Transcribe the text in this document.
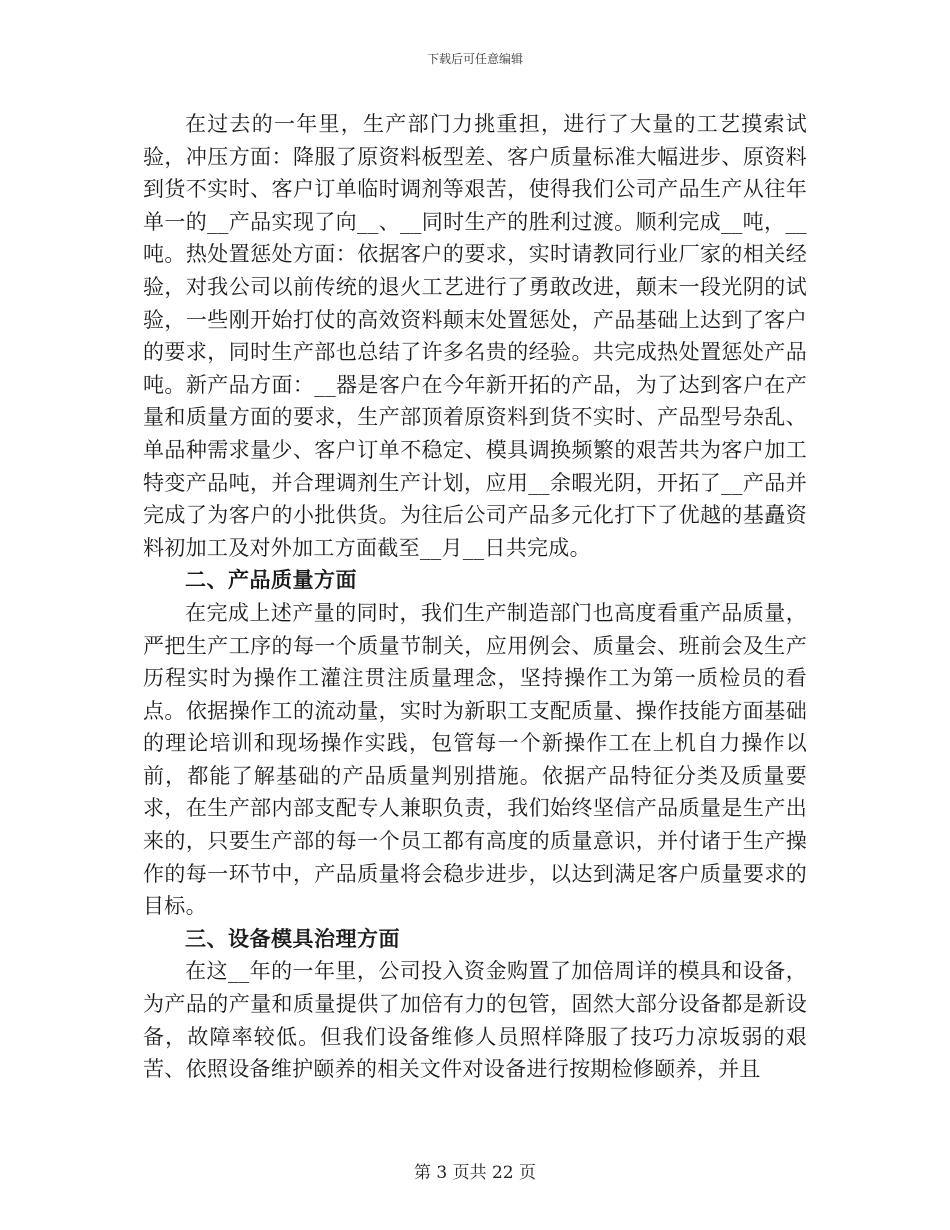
下载后可任意编辑

在过去的一年里，生产部门力挑重担，进行了大量的工艺摸索试验，冲压方面：降服了原资料板型差、客户质量标准大幅进步、原资料到货不实时、客户订单临时调剂等艰苦，使得我们公司产品生产从往年单一的__产品实现了向__、__同时生产的胜利过渡。顺利完成__吨，__吨。热处置惩处方面：依据客户的要求，实时请教同行业厂家的相关经验，对我公司以前传统的退火工艺进行了勇敢改进，颠末一段光阴的试验，一些刚开始打仗的高效资料颠末处置惩处，产品基础上达到了客户的要求，同时生产部也总结了许多名贵的经验。共完成热处置惩处产品吨。新产品方面：__器是客户在今年新开拓的产品，为了达到客户在产量和质量方面的要求，生产部顶着原资料到货不实时、产品型号杂乱、单品种需求量少、客户订单不稳定、模具调换频繁的艰苦共为客户加工特变产品吨，并合理调剂生产计划，应用__余暇光阴，开拓了__产品并完成了为客户的小批供货。为往后公司产品多元化打下了优越的基矗资料初加工及对外加工方面截至__月__日共完成。

二、产品质量方面

在完成上述产量的同时，我们生产制造部门也高度看重产品质量，严把生产工序的每一个质量节制关，应用例会、质量会、班前会及生产历程实时为操作工灌注贯注质量理念，坚持操作工为第一质检员的看点。依据操作工的流动量，实时为新职工支配质量、操作技能方面基础的理论培训和现场操作实践，包管每一个新操作工在上机自力操作以前，都能了解基础的产品质量判别措施。依据产品特征分类及质量要求，在生产部内部支配专人兼职负责，我们始终坚信产品质量是生产出来的，只要生产部的每一个员工都有高度的质量意识，并付诸于生产操作的每一环节中，产品质量将会稳步进步，以达到满足客户质量要求的目标。

三、设备模具治理方面

在这__年的一年里，公司投入资金购置了加倍周详的模具和设备，为产品的产量和质量提供了加倍有力的包管，固然大部分设备都是新设备，故障率较低。但我们设备维修人员照样降服了技巧力凉坂弱的艰苦、依照设备维护颐养的相关文件对设备进行按期检修颐养，并且

第 3 页共 22 页
